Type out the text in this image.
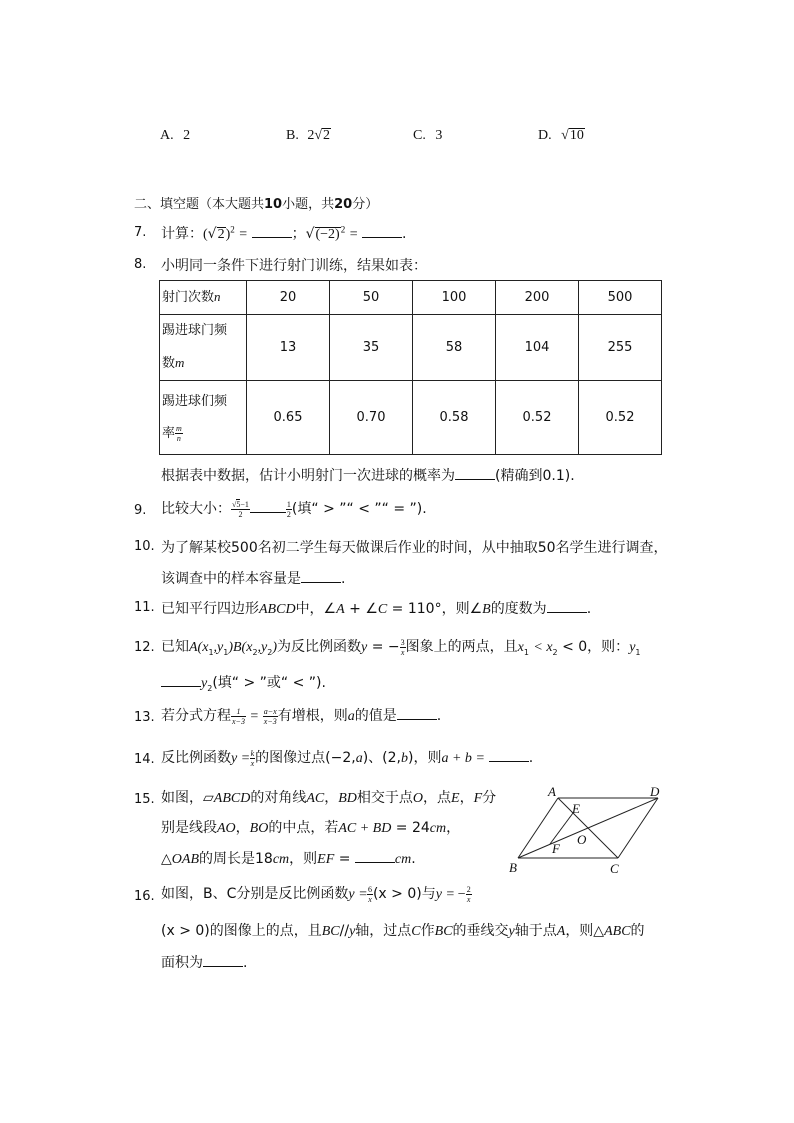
A. 2	B. 2√2	C. 3	D. √10
二、填空题（本大题共10小题，共20分）
7. 计算：$(√2)^2$ =	；$√(-2)^2$ =	.
8. 小明同一条件下进行射门训练，结果如表：
射门次数n	20	50	100	200	500
踢进球门频
数m	13	35	58	104	255
踢进球们频
率 $\frac{m}{n}$	0.65	0.70	0.58	0.52	0.52
根据表中数据，估计小明射门一次进球的概率为	(精确到0.1).
9. 比较大小： $\frac{√5-1}{2}$	$\frac{1}{2}$ (填“ > ”“ < ”“ = ”).
10. 为了解某校500名初二学生每天做课后作业的时间，从中抽取50名学生进行调查，
该调查中的样本容量是	.
11. 已知平行四边形ABCD中，∠A + ∠C = 110°，则∠B的度数为	.
12. 已知$A(x_1,y_1)B(x_2,y_2)$为反比例函数y = − $\frac{3}{x}$ 图象上的两点，且$x_1 < x_2 < 0$，则：$y_1$
$y_2$(填“ > ”或“ < ”).
13. 若分式方程 $\frac{1}{x-3} = \frac{a-x}{x-3}$ 有增根，则a的值是	.
14. 反比例函数$y = \frac{k}{x}$ 的图像过点(−2,a)、(2,b)，则a + b =	.
15. 如图，▱ABCD的对角线AC，BD相交于点O，点E，F分
别是线段AO，BO的中点，若AC + BD = 24cm，
△OAB的周长是18cm，则EF =	cm.
A	D
E
O
F
B	C
16. 如图，B、C分别是反比例函数$y = \frac{6}{x} (x > 0)$与y = − $\frac{2}{x}$
(x > 0)的图像上的点，且BC//y轴，过点C作BC的垂线交y轴于点A，则△ABC的
面积为	.
